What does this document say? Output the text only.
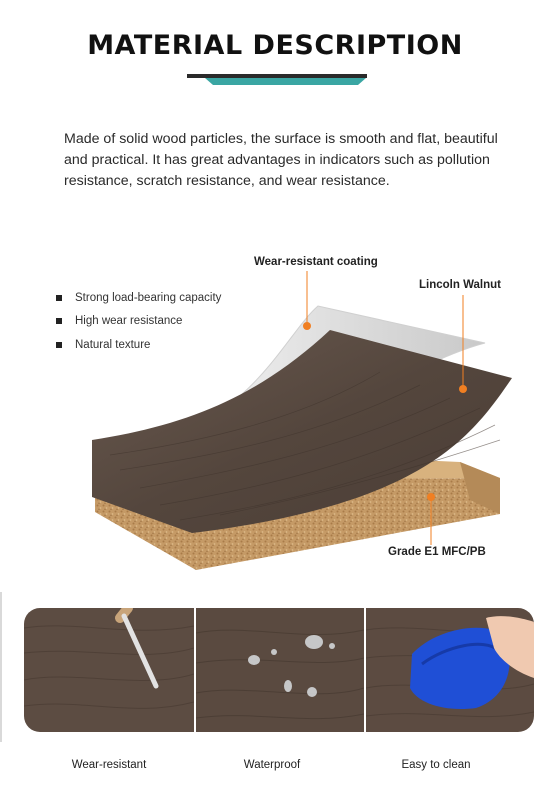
MATERIAL DESCRIPTION
Made of solid wood particles, the surface is smooth and flat, beautiful and practical. It has great advantages in indicators such as pollution resistance, scratch resistance, and wear resistance.
Strong load-bearing capacity
High wear resistance
Natural texture
Wear-resistant coating
Lincoln Walnut
Grade E1 MFC/PB
Wear-resistant	Waterproof	Easy to clean
